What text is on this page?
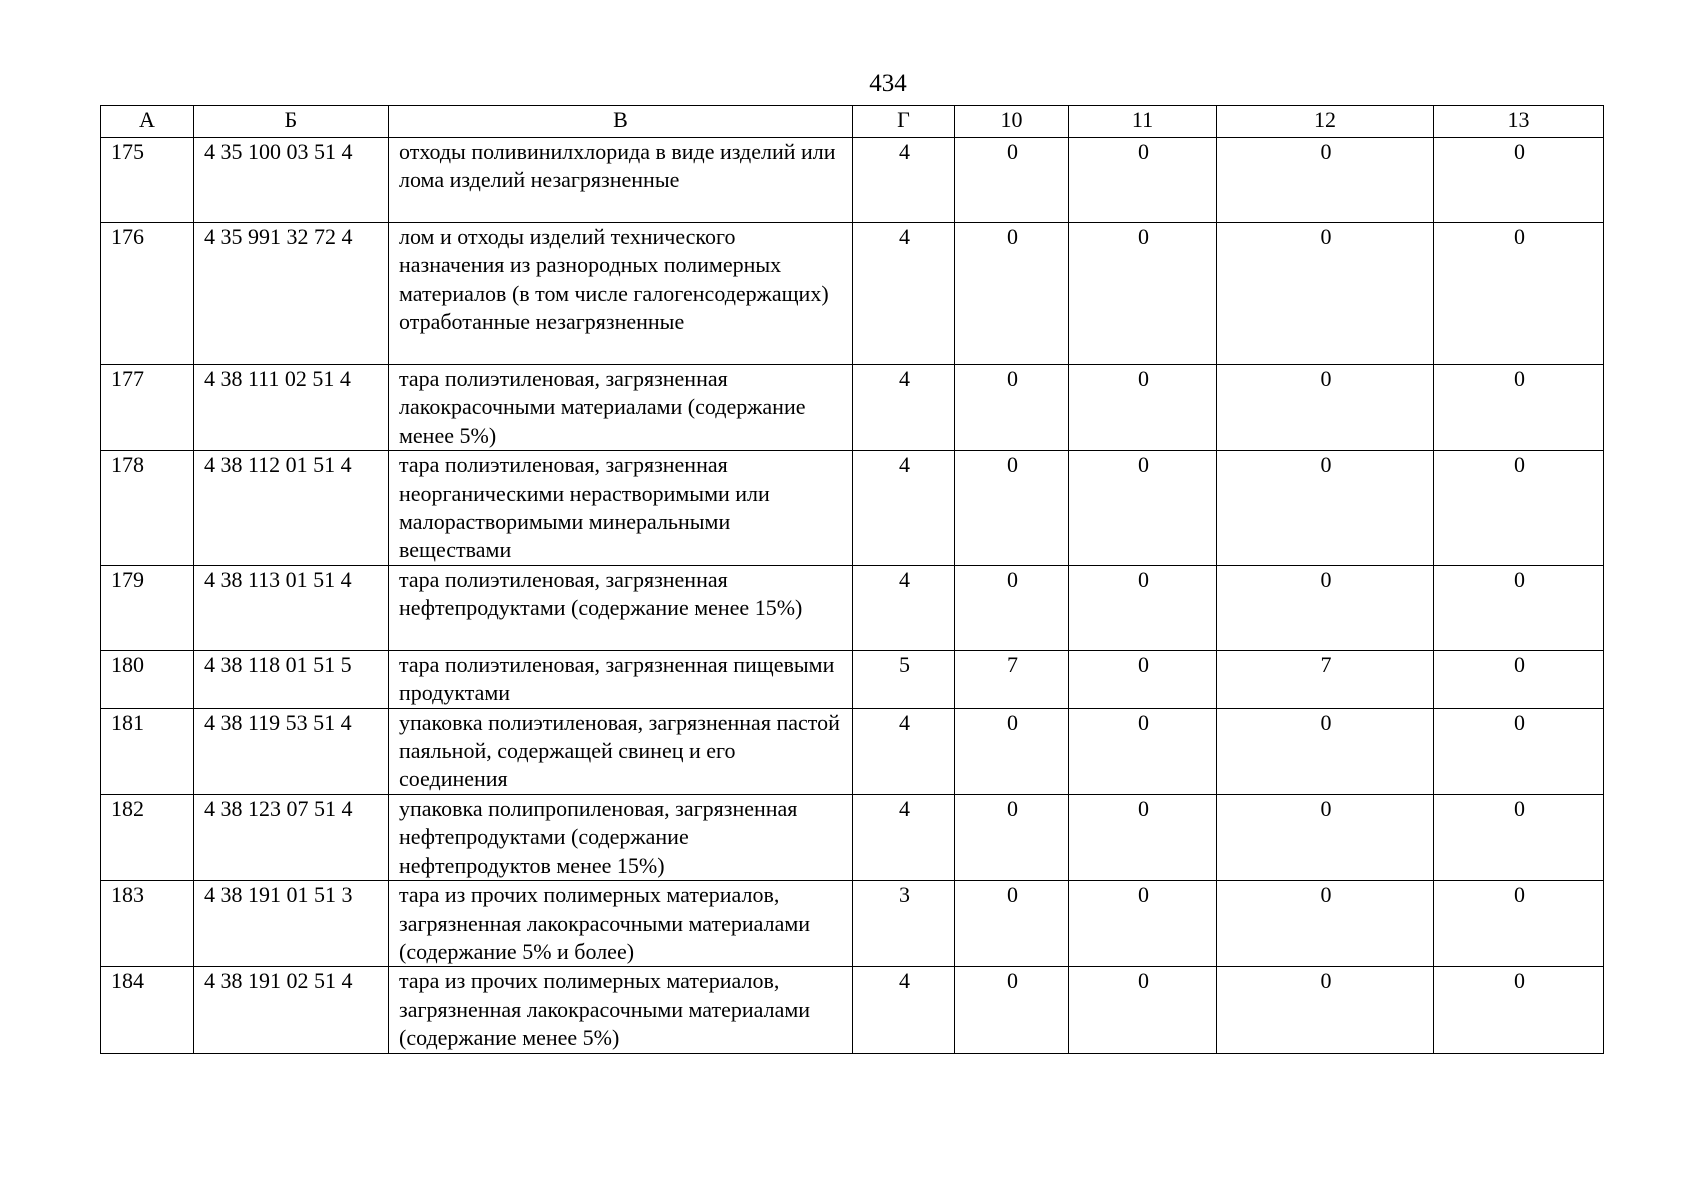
434
А	Б	В	Г	10	11	12	13
175	4 35 100 03 51 4	отходы поливинилхлорида в виде изделий или лома изделий незагрязненные	4	0	0	0	0
176	4 35 991 32 72 4	лом и отходы изделий технического назначения из разнородных полимерных материалов (в том числе галогенсодержащих) отработанные незагрязненные	4	0	0	0	0
177	4 38 111 02 51 4	тара полиэтиленовая, загрязненная лакокрасочными материалами (содержание менее 5%)	4	0	0	0	0
178	4 38 112 01 51 4	тара полиэтиленовая, загрязненная неорганическими нерастворимыми или малорастворимыми минеральными веществами	4	0	0	0	0
179	4 38 113 01 51 4	тара полиэтиленовая, загрязненная нефтепродуктами (содержание менее 15%)	4	0	0	0	0
180	4 38 118 01 51 5	тара полиэтиленовая, загрязненная пищевыми продуктами	5	7	0	7	0
181	4 38 119 53 51 4	упаковка полиэтиленовая, загрязненная пастой паяльной, содержащей свинец и его соединения	4	0	0	0	0
182	4 38 123 07 51 4	упаковка полипропиленовая, загрязненная нефтепродуктами (содержание нефтепродуктов менее 15%)	4	0	0	0	0
183	4 38 191 01 51 3	тара из прочих полимерных материалов, загрязненная лакокрасочными материалами (содержание 5% и более)	3	0	0	0	0
184	4 38 191 02 51 4	тара из прочих полимерных материалов, загрязненная лакокрасочными материалами (содержание менее 5%)	4	0	0	0	0
